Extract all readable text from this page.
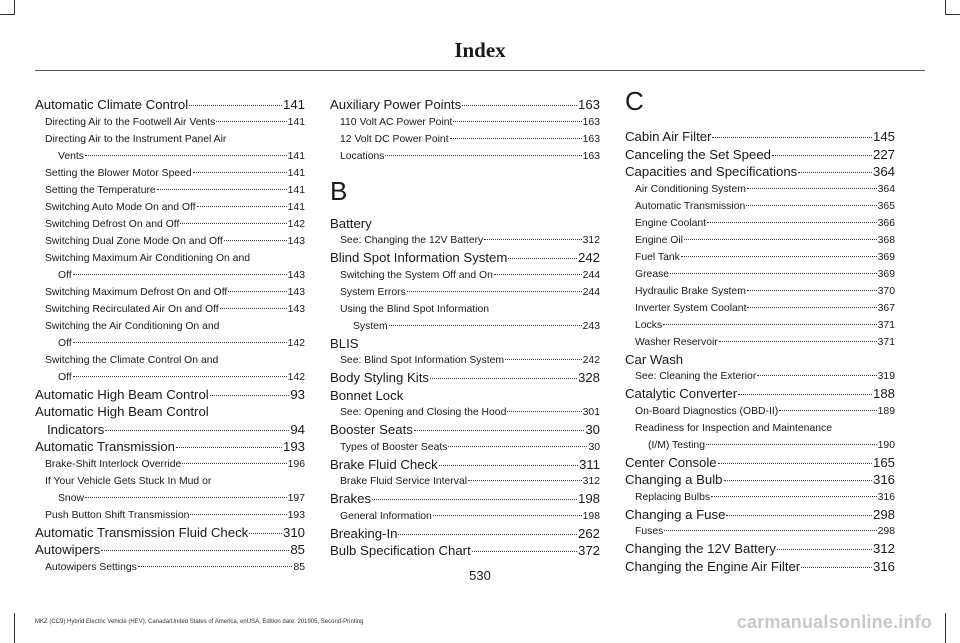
Index
Automatic Climate Control	141
Directing Air to the Footwell Air Vents	141
Directing Air to the Instrument Panel Air
Vents	141
Setting the Blower Motor Speed	141
Setting the Temperature	141
Switching Auto Mode On and Off	141
Switching Defrost On and Off	142
Switching Dual Zone Mode On and Off	143
Switching Maximum Air Conditioning On and
Off	143
Switching Maximum Defrost On and Off	143
Switching Recirculated Air On and Off	143
Switching the Air Conditioning On and
Off	142
Switching the Climate Control On and
Off	142
Automatic High Beam Control	93
Automatic High Beam Control
Indicators	94
Automatic Transmission	193
Brake-Shift Interlock Override	196
If Your Vehicle Gets Stuck In Mud or
Snow	197
Push Button Shift Transmission	193
Automatic Transmission Fluid Check	310
Autowipers	85
Autowipers Settings	85
Auxiliary Power Points	163
110 Volt AC Power Point	163
12 Volt DC Power Point	163
Locations	163
B
Battery
See: Changing the 12V Battery	312
Blind Spot Information System	242
Switching the System Off and On	244
System Errors	244
Using the Blind Spot Information
System	243
BLIS
See: Blind Spot Information System	242
Body Styling Kits	328
Bonnet Lock
See: Opening and Closing the Hood	301
Booster Seats	30
Types of Booster Seats	30
Brake Fluid Check	311
Brake Fluid Service Interval	312
Brakes	198
General Information	198
Breaking-In	262
Bulb Specification Chart	372
C
Cabin Air Filter	145
Canceling the Set Speed	227
Capacities and Specifications	364
Air Conditioning System	364
Automatic Transmission	365
Engine Coolant	366
Engine Oil	368
Fuel Tank	369
Grease	369
Hydraulic Brake System	370
Inverter System Coolant	367
Locks	371
Washer Reservoir	371
Car Wash
See: Cleaning the Exterior	319
Catalytic Converter	188
On-Board Diagnostics (OBD-II)	189
Readiness for Inspection and Maintenance
(I/M) Testing	190
Center Console	165
Changing a Bulb	316
Replacing Bulbs	316
Changing a Fuse	298
Fuses	298
Changing the 12V Battery	312
Changing the Engine Air Filter	316
530
MKZ (CC9) Hybrid Electric Vehicle (HEV), Canada/United States of America, enUSA, Edition date: 201905, Second-Printing	carmanualsonline.info
